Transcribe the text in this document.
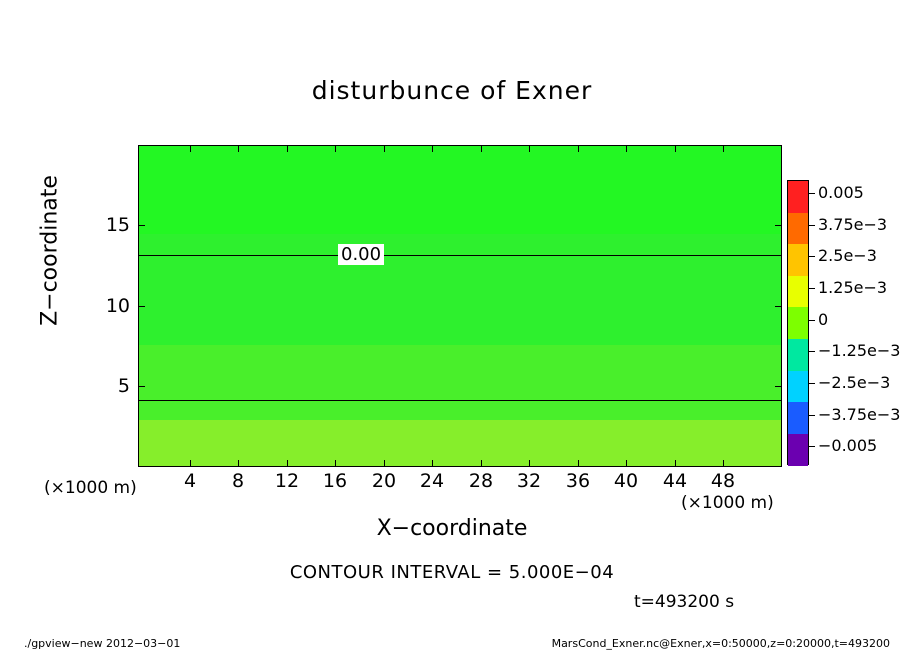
disturbunce of Exner
0.00
4	8	12	16	20	24	28	32	36	40	44	48
5
10
15
X−coordinate
Z−coordinate
(×1000 m)
(×1000 m)
0.005
3.75e−3
2.5e−3
1.25e−3
0
−1.25e−3
−2.5e−3
−3.75e−3
−0.005
CONTOUR INTERVAL = 5.000E−04
t=493200 s
./gpview−new 2012−03−01	MarsCond_Exner.nc@Exner,x=0:50000,z=0:20000,t=493200
